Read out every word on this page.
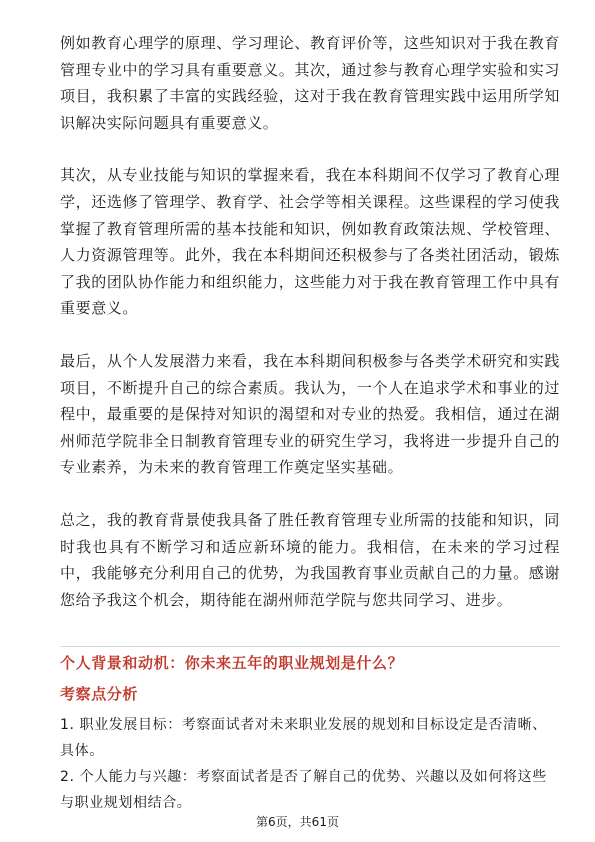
例如教育心理学的原理、学习理论、教育评价等，这些知识对于我在教育管理专业中的学习具有重要意义。其次，通过参与教育心理学实验和实习项目，我积累了丰富的实践经验，这对于我在教育管理实践中运用所学知识解决实际问题具有重要意义。

其次，从专业技能与知识的掌握来看，我在本科期间不仅学习了教育心理学，还选修了管理学、教育学、社会学等相关课程。这些课程的学习使我掌握了教育管理所需的基本技能和知识，例如教育政策法规、学校管理、人力资源管理等。此外，我在本科期间还积极参与了各类社团活动，锻炼了我的团队协作能力和组织能力，这些能力对于我在教育管理工作中具有重要意义。

最后，从个人发展潜力来看，我在本科期间积极参与各类学术研究和实践项目，不断提升自己的综合素质。我认为，一个人在追求学术和事业的过程中，最重要的是保持对知识的渴望和对专业的热爱。我相信，通过在湖州师范学院非全日制教育管理专业的研究生学习，我将进一步提升自己的专业素养，为未来的教育管理工作奠定坚实基础。

总之，我的教育背景使我具备了胜任教育管理专业所需的技能和知识，同时我也具有不断学习和适应新环境的能力。我相信，在未来的学习过程中，我能够充分利用自己的优势，为我国教育事业贡献自己的力量。感谢您给予我这个机会，期待能在湖州师范学院与您共同学习、进步。

个人背景和动机：你未来五年的职业规划是什么？
考察点分析

1. 职业发展目标：考察面试者对未来职业发展的规划和目标设定是否清晰、具体。

2. 个人能力与兴趣：考察面试者是否了解自己的优势、兴趣以及如何将这些与职业规划相结合。

第6页，共61页
